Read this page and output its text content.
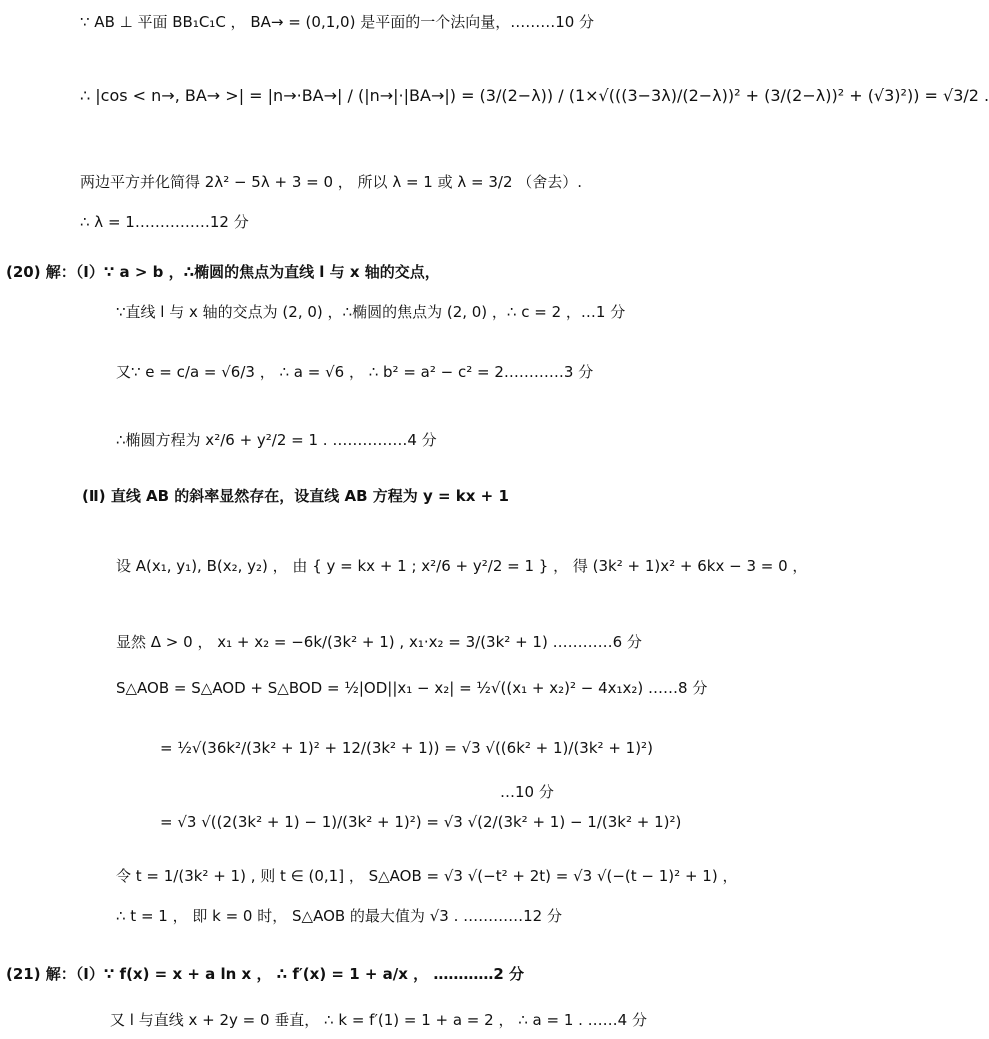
∵ AB ⊥ 平面 BB₁C₁C ， BA→ = (0,1,0) 是平面的一个法向量，………10 分
∴ |cos < n→, BA→ >| = |n→·BA→| / (|n→|·|BA→|) = (3/(2−λ)) / (1×√(((3−3λ)/(2−λ))² + (3/(2−λ))² + (√3)²)) = √3/2 .
两边平方并化简得 2λ² − 5λ + 3 = 0 ， 所以 λ = 1 或 λ = 3/2 （舍去）.
∴ λ = 1……………12 分
(20) 解：（Ⅰ）∵ a > b ，∴椭圆的焦点为直线 l 与 x 轴的交点，
∵直线 l 与 x 轴的交点为 (2, 0) ，∴椭圆的焦点为 (2, 0) ，∴ c = 2 ，…1 分
又∵ e = c/a = √6/3 ， ∴ a = √6 ， ∴ b² = a² − c² = 2…………3 分
∴椭圆方程为 x²/6 + y²/2 = 1 . ……………4 分
(Ⅱ) 直线 AB 的斜率显然存在，设直线 AB 方程为 y = kx + 1
设 A(x₁, y₁), B(x₂, y₂) ， 由 { y = kx + 1 ; x²/6 + y²/2 = 1 } ， 得 (3k² + 1)x² + 6kx − 3 = 0 ，
显然 Δ > 0 ， x₁ + x₂ = −6k/(3k² + 1) , x₁·x₂ = 3/(3k² + 1) …………6 分
S△AOB = S△AOD + S△BOD = ½|OD||x₁ − x₂| = ½√((x₁ + x₂)² − 4x₁x₂) ……8 分
= ½√(36k²/(3k² + 1)² + 12/(3k² + 1)) = √3 √((6k² + 1)/(3k² + 1)²)
…10 分
= √3 √((2(3k² + 1) − 1)/(3k² + 1)²) = √3 √(2/(3k² + 1) − 1/(3k² + 1)²)
令 t = 1/(3k² + 1) , 则 t ∈ (0,1] ， S△AOB = √3 √(−t² + 2t) = √3 √(−(t − 1)² + 1) ，
∴ t = 1 ， 即 k = 0 时， S△AOB 的最大值为 √3 . …………12 分
(21) 解：（Ⅰ）∵ f(x) = x + a ln x ， ∴ f′(x) = 1 + a/x ， …………2 分
又 l 与直线 x + 2y = 0 垂直， ∴ k = f′(1) = 1 + a = 2 ， ∴ a = 1 . ……4 分
